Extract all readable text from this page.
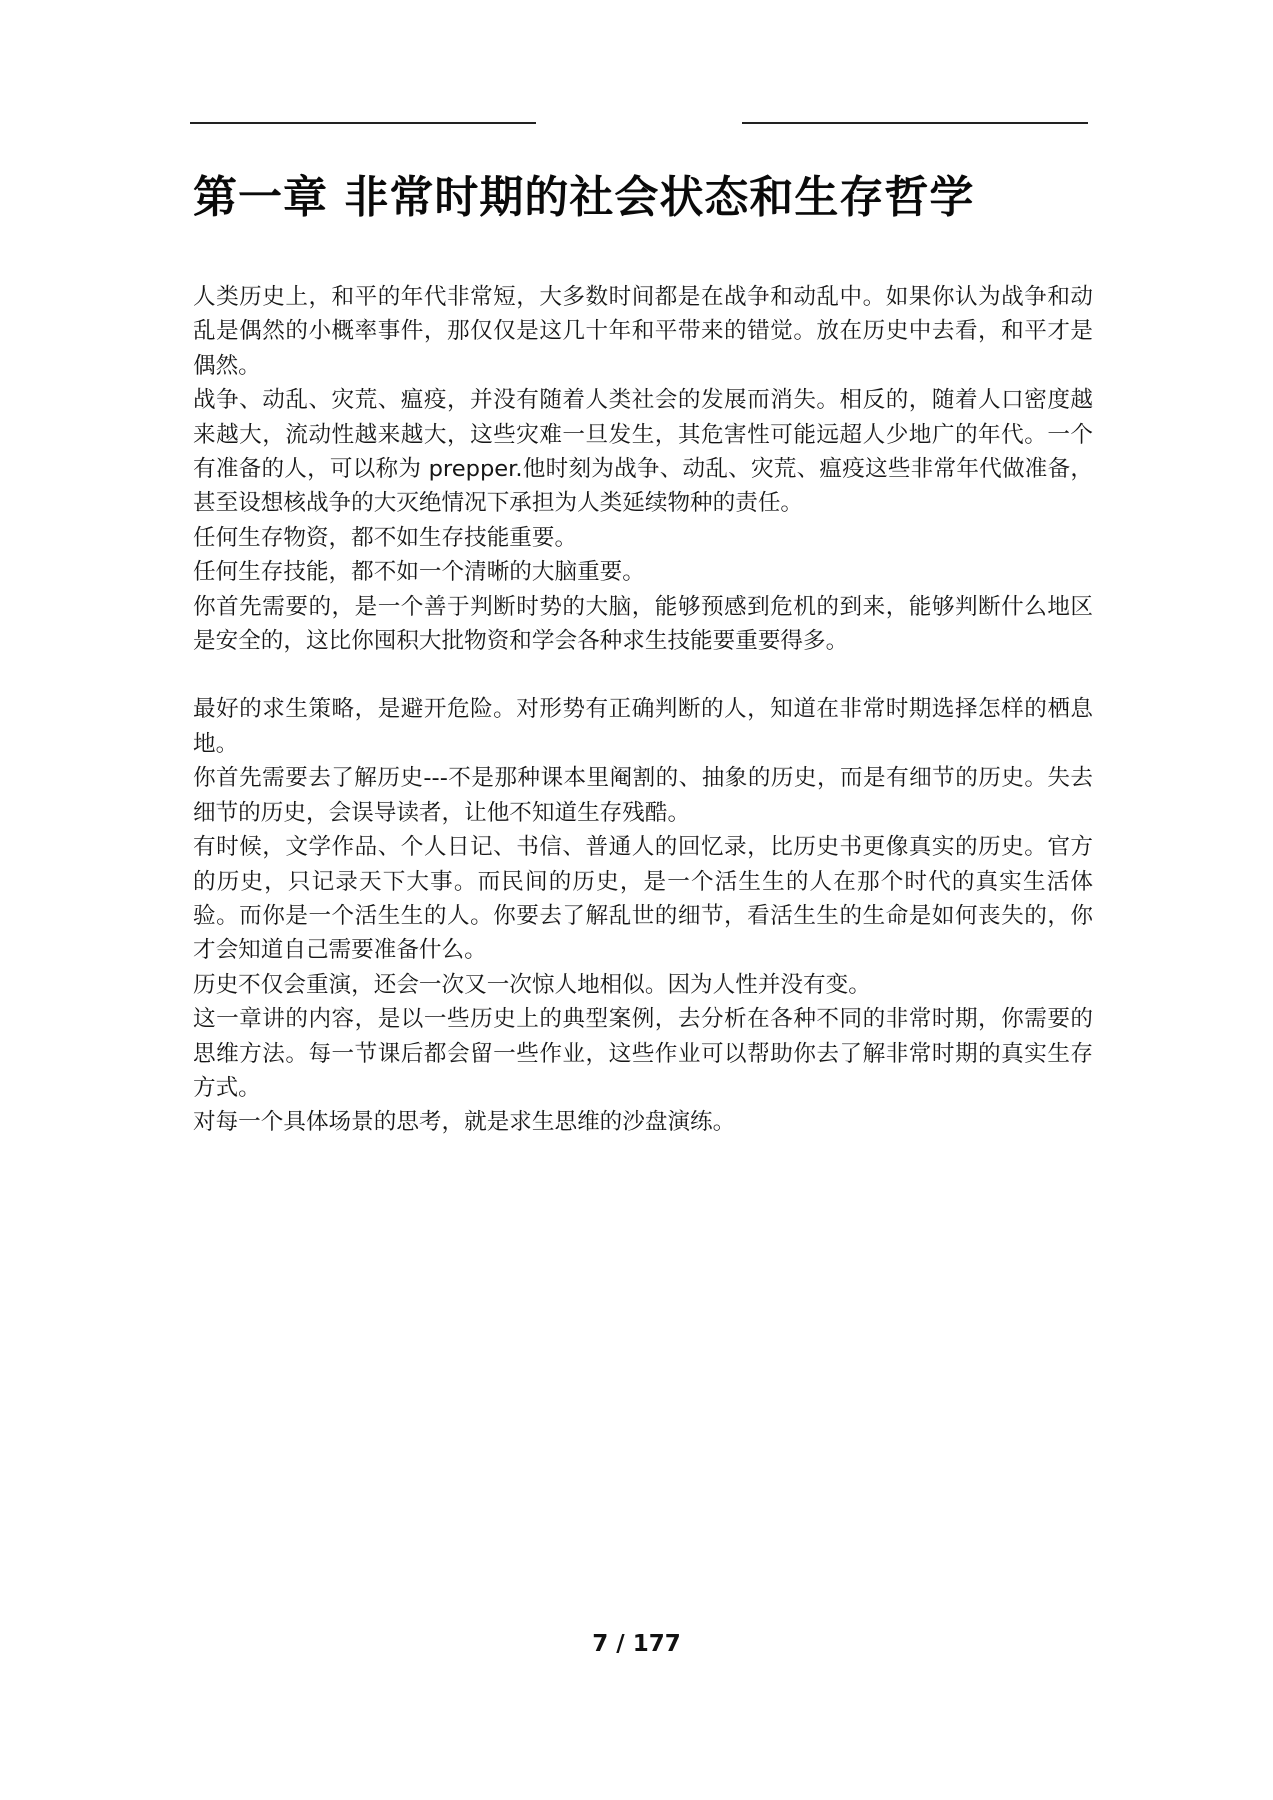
第一章 非常时期的社会状态和生存哲学

人类历史上，和平的年代非常短，大多数时间都是在战争和动乱中。如果你认为战争和动乱是偶然的小概率事件，那仅仅是这几十年和平带来的错觉。放在历史中去看，和平才是偶然。

战争、动乱、灾荒、瘟疫，并没有随着人类社会的发展而消失。相反的，随着人口密度越来越大，流动性越来越大，这些灾难一旦发生，其危害性可能远超人少地广的年代。一个有准备的人，可以称为 prepper.他时刻为战争、动乱、灾荒、瘟疫这些非常年代做准备，甚至设想核战争的大灭绝情况下承担为人类延续物种的责任。

任何生存物资，都不如生存技能重要。

任何生存技能，都不如一个清晰的大脑重要。

你首先需要的，是一个善于判断时势的大脑，能够预感到危机的到来，能够判断什么地区是安全的，这比你囤积大批物资和学会各种求生技能要重要得多。

最好的求生策略，是避开危险。对形势有正确判断的人，知道在非常时期选择怎样的栖息地。

你首先需要去了解历史---不是那种课本里阉割的、抽象的历史，而是有细节的历史。失去细节的历史，会误导读者，让他不知道生存残酷。

有时候，文学作品、个人日记、书信、普通人的回忆录，比历史书更像真实的历史。官方的历史，只记录天下大事。而民间的历史，是一个活生生的人在那个时代的真实生活体验。而你是一个活生生的人。你要去了解乱世的细节，看活生生的生命是如何丧失的，你才会知道自己需要准备什么。

历史不仅会重演，还会一次又一次惊人地相似。因为人性并没有变。

这一章讲的内容，是以一些历史上的典型案例，去分析在各种不同的非常时期，你需要的思维方法。每一节课后都会留一些作业，这些作业可以帮助你去了解非常时期的真实生存方式。

对每一个具体场景的思考，就是求生思维的沙盘演练。

7 / 177
